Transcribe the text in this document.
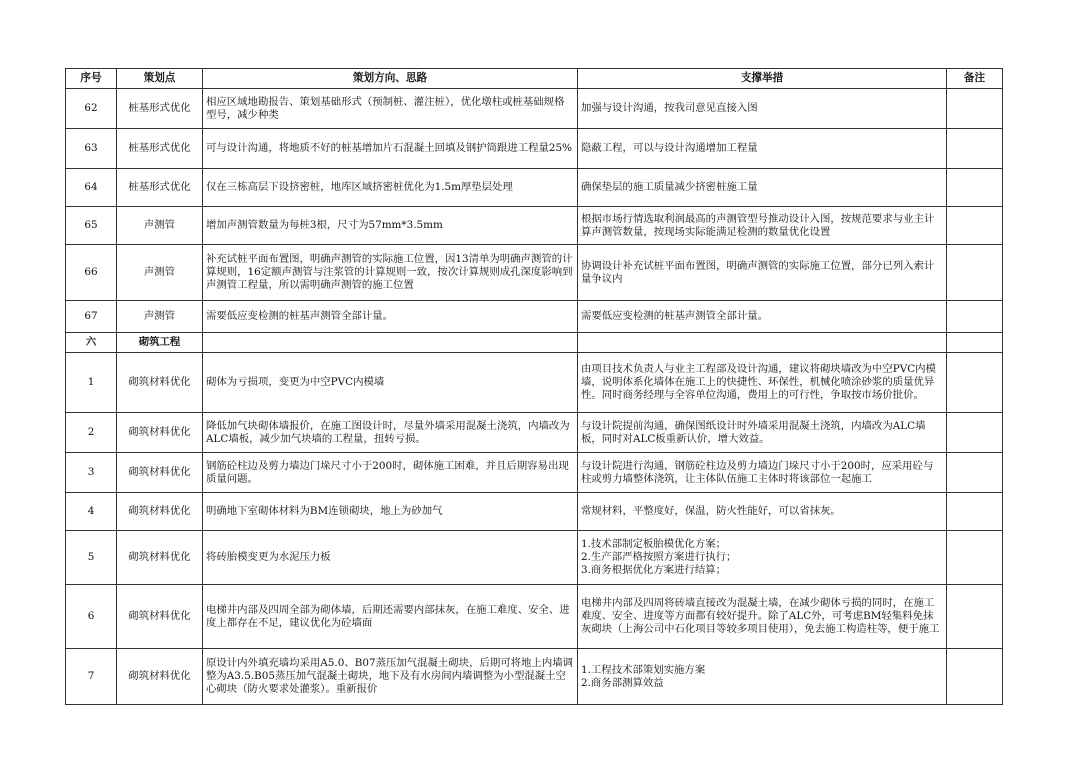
序号	策划点	策划方向、思路	支撑举措	备注
62	桩基形式优化	相应区域地勘报告、策划基础形式（预制桩、灌注桩），优化墩柱或桩基础规格型号，减少种类	加强与设计沟通，按我司意见直接入图	
63	桩基形式优化	可与设计沟通，将地质不好的桩基增加片石混凝土回填及钢护筒跟进工程量25%	隐蔽工程，可以与设计沟通增加工程量	
64	桩基形式优化	仅在三栋高层下设挤密桩，地库区域挤密桩优化为1.5m厚垫层处理	确保垫层的施工质量减少挤密桩施工量	
65	声测管	增加声测管数量为每桩3根，尺寸为57mm*3.5mm	根据市场行情选取利润最高的声测管型号推动设计入图，按规范要求与业主计算声测管数量，按现场实际能满足检测的数量优化设置	
66	声测管	补充试桩平面布置图，明确声测管的实际施工位置，因13清单为明确声测管的计算规则，16定额声测管与注浆管的计算规则一致，按次计算规则成孔深度影响到声测管工程量，所以需明确声测管的施工位置	协调设计补充试桩平面布置图，明确声测管的实际施工位置，部分已列入索计量争议内	
67	声测管	需要低应变检测的桩基声测管全部计量。	需要低应变检测的桩基声测管全部计量。	
六	砌筑工程			
1	砌筑材料优化	砌体为亏损项，变更为中空PVC内模墙	由项目技术负责人与业主工程部及设计沟通，建议将砌块墙改为中空PVC内模墙，说明体系化墙体在施工上的快捷性、环保性，机械化喷涂砂浆的质量优异性。同时商务经理与全容单位沟通，费用上的可行性，争取按市场价批价。	
2	砌筑材料优化	降低加气块砌体墙报价，在施工图设计时，尽量外墙采用混凝土浇筑，内墙改为ALC墙板，减少加气块墙的工程量，扭转亏损。	与设计院提前沟通，确保图纸设计时外墙采用混凝土浇筑，内墙改为ALC墙板，同时对ALC板重新认价，增大效益。	
3	砌筑材料优化	钢筋砼柱边及剪力墙边门垛尺寸小于200时，砌体施工困难，并且后期容易出现质量问题。	与设计院进行沟通，钢筋砼柱边及剪力墙边门垛尺寸小于200时，应采用砼与柱或剪力墙整体浇筑，让主体队伍施工主体时将该部位一起施工	
4	砌筑材料优化	明确地下室砌体材料为BM连锁砌块，地上为砂加气	常规材料，平整度好，保温，防火性能好，可以省抹灰。	
5	砌筑材料优化	将砖胎模变更为水泥压力板	1.技术部制定板胎模优化方案；
2.生产部严格按照方案进行执行；
3.商务根据优化方案进行结算；	

6	砌筑材料优化	电梯井内部及四周全部为砌体墙，后期还需要内部抹灰，在施工难度、安全、进度上都存在不足，建议优化为砼墙面	电梯井内部及四周将砖墙直接改为混凝土墙，在减少砌体亏损的同时，在施工难度、安全、进度等方面都有较好提升。除了ALC外，可考虑BM轻集料免抹灰砌块（上海公司中石化项目等较多项目使用），免去施工构造柱等，便于施工	
7	砌筑材料优化	原设计内外填充墙均采用A5.0、B07蒸压加气混凝土砌块，后期可将地上内墙调整为A3.5.B05蒸压加气混凝土砌块，地下及有水房间内墙调整为小型混凝土空心砌块（防火要求处灌浆）。重新报价	1.工程技术部策划实施方案
2.商务部测算效益	
